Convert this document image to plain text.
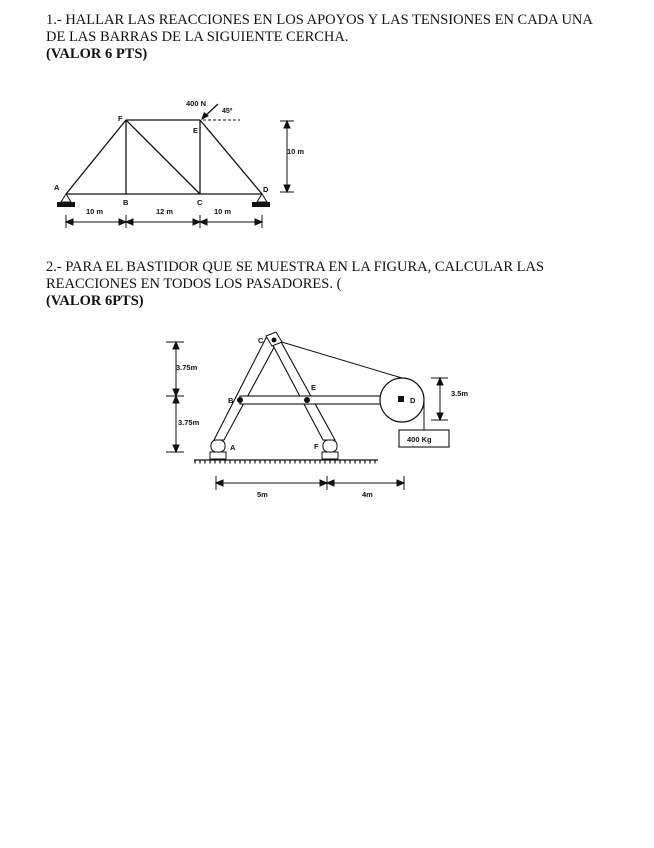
1.- HALLAR LAS REACCIONES EN LOS APOYOS Y LAS TENSIONES EN CADA UNA

DE LAS BARRAS DE LA SIGUIENTE CERCHA.

(VALOR 6 PTS)

400 N
45º
F
E
A
B	C
D
10 m
10 m	12 m	10 m

2.- PARA EL BASTIDOR QUE SE MUESTRA EN LA FIGURA, CALCULAR LAS

REACCIONES EN TODOS LOS PASADORES. (

(VALOR 6PTS)

400 Kg
C
B
E
D
A	F
3.75m
3.75m
3.5m
5m	4m
